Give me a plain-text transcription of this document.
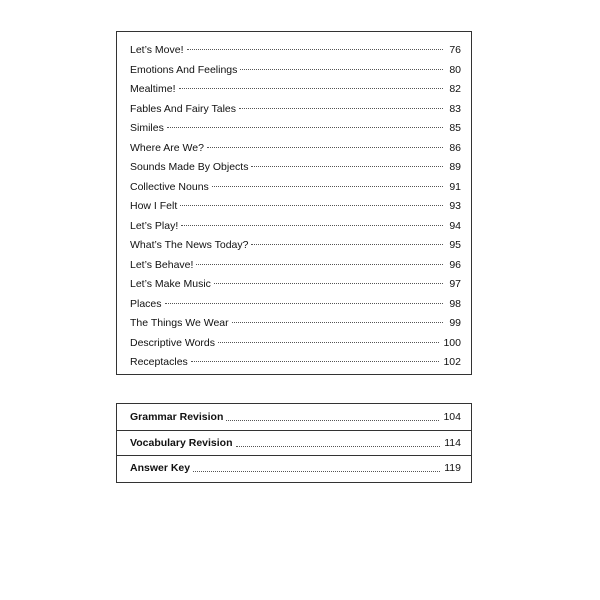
Let’s Move!	76
Emotions And Feelings	80
Mealtime!	82
Fables And Fairy Tales	83
Similes	85
Where Are We?	86
Sounds Made By Objects	89
Collective Nouns	91
How I Felt	93
Let’s Play!	94
What’s The News Today?	95
Let’s Behave!	96
Let’s Make Music	97
Places	98
The Things We Wear	99
Descriptive Words	100
Receptacles	102
Grammar Revision	104
Vocabulary Revision	114
Answer Key	119
